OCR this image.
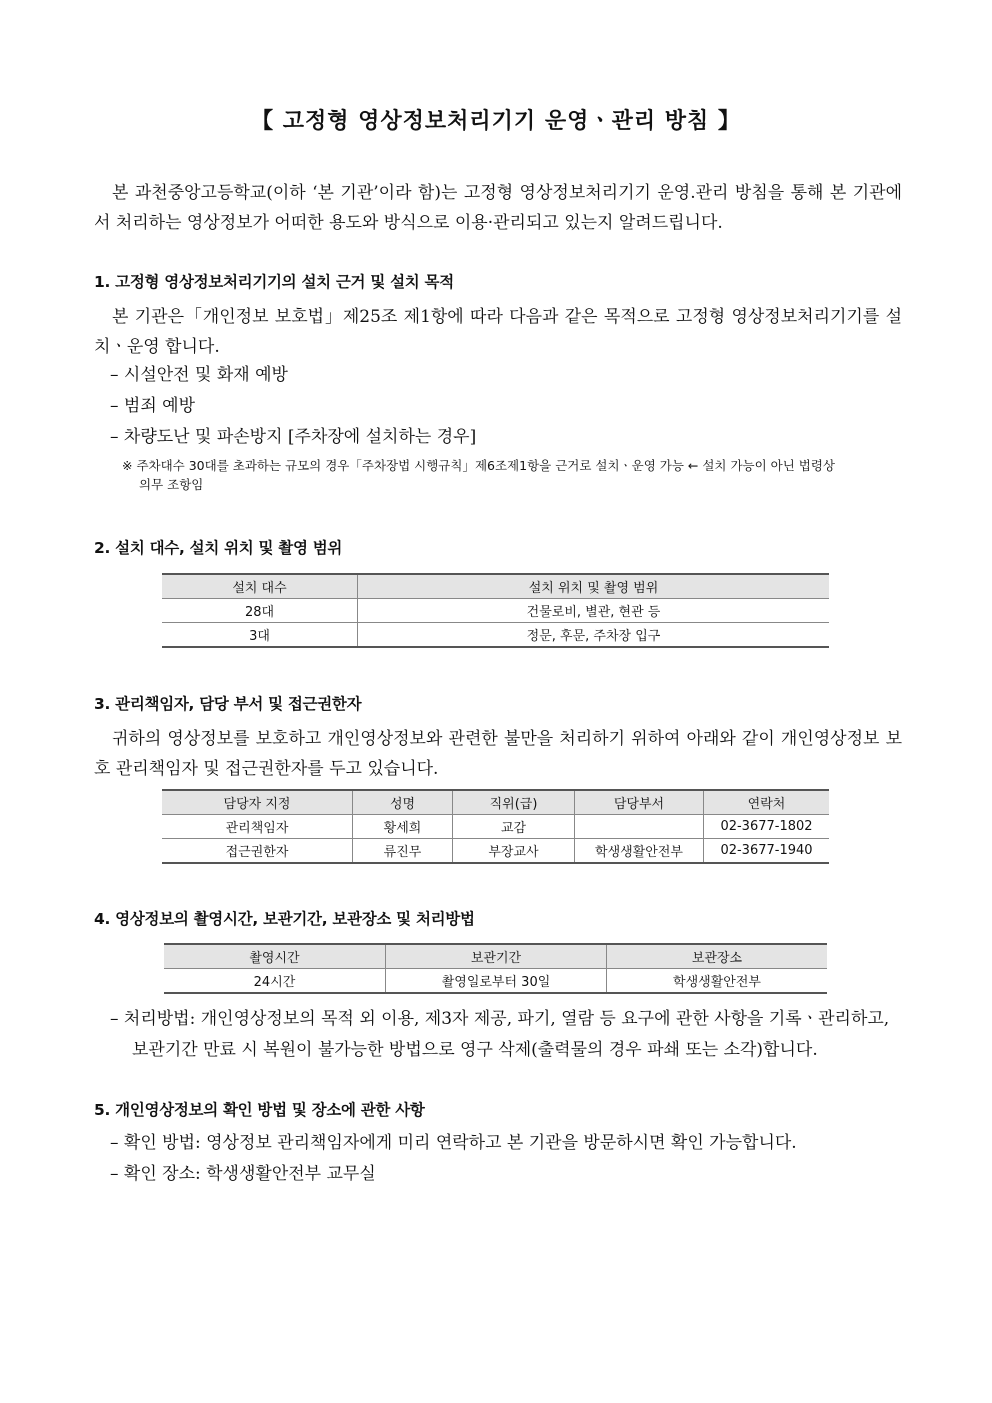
【 고정형 영상정보처리기기 운영ㆍ관리 방침 】
본 과천중앙고등학교(이하 ‘본 기관’이라 함)는 고정형 영상정보처리기기 운영.관리 방침을 통해 본 기관에서 처리하는 영상정보가 어떠한 용도와 방식으로 이용·관리되고 있는지 알려드립니다.
1. 고정형 영상정보처리기기의 설치 근거 및 설치 목적
본 기관은「개인정보 보호법」제25조 제1항에 따라 다음과 같은 목적으로 고정형 영상정보처리기기를 설치ㆍ운영 합니다.
– 시설안전 및 화재 예방
– 범죄 예방
– 차량도난 및 파손방지 [주차장에 설치하는 경우]
※ 주차대수 30대를 초과하는 규모의 경우「주차장법 시행규칙」제6조제1항을 근거로 설치ㆍ운영 가능 ← 설치 가능이 아닌 법령상
의무 조항임
2. 설치 대수, 설치 위치 및 촬영 범위
설치 대수	설치 위치 및 촬영 범위
28대	건물로비, 별관, 현관 등
3대	정문, 후문, 주차장 입구
3. 관리책임자, 담당 부서 및 접근권한자
귀하의 영상정보를 보호하고 개인영상정보와 관련한 불만을 처리하기 위하여 아래와 같이 개인영상정보 보호 관리책임자 및 접근권한자를 두고 있습니다.
담당자 지정	성명	직위(급)	담당부서	연락처
관리책임자	황세희	교감		02-3677-1802
접근권한자	류진무	부장교사	학생생활안전부	02-3677-1940
4. 영상정보의 촬영시간, 보관기간, 보관장소 및 처리방법
촬영시간	보관기간	보관장소
24시간	촬영일로부터 30일	학생생활안전부
– 처리방법: 개인영상정보의 목적 외 이용, 제3자 제공, 파기, 열람 등 요구에 관한 사항을 기록ㆍ관리하고,
보관기간 만료 시 복원이 불가능한 방법으로 영구 삭제(출력물의 경우 파쇄 또는 소각)합니다.
5. 개인영상정보의 확인 방법 및 장소에 관한 사항
– 확인 방법: 영상정보 관리책임자에게 미리 연락하고 본 기관을 방문하시면 확인 가능합니다.
– 확인 장소: 학생생활안전부 교무실
